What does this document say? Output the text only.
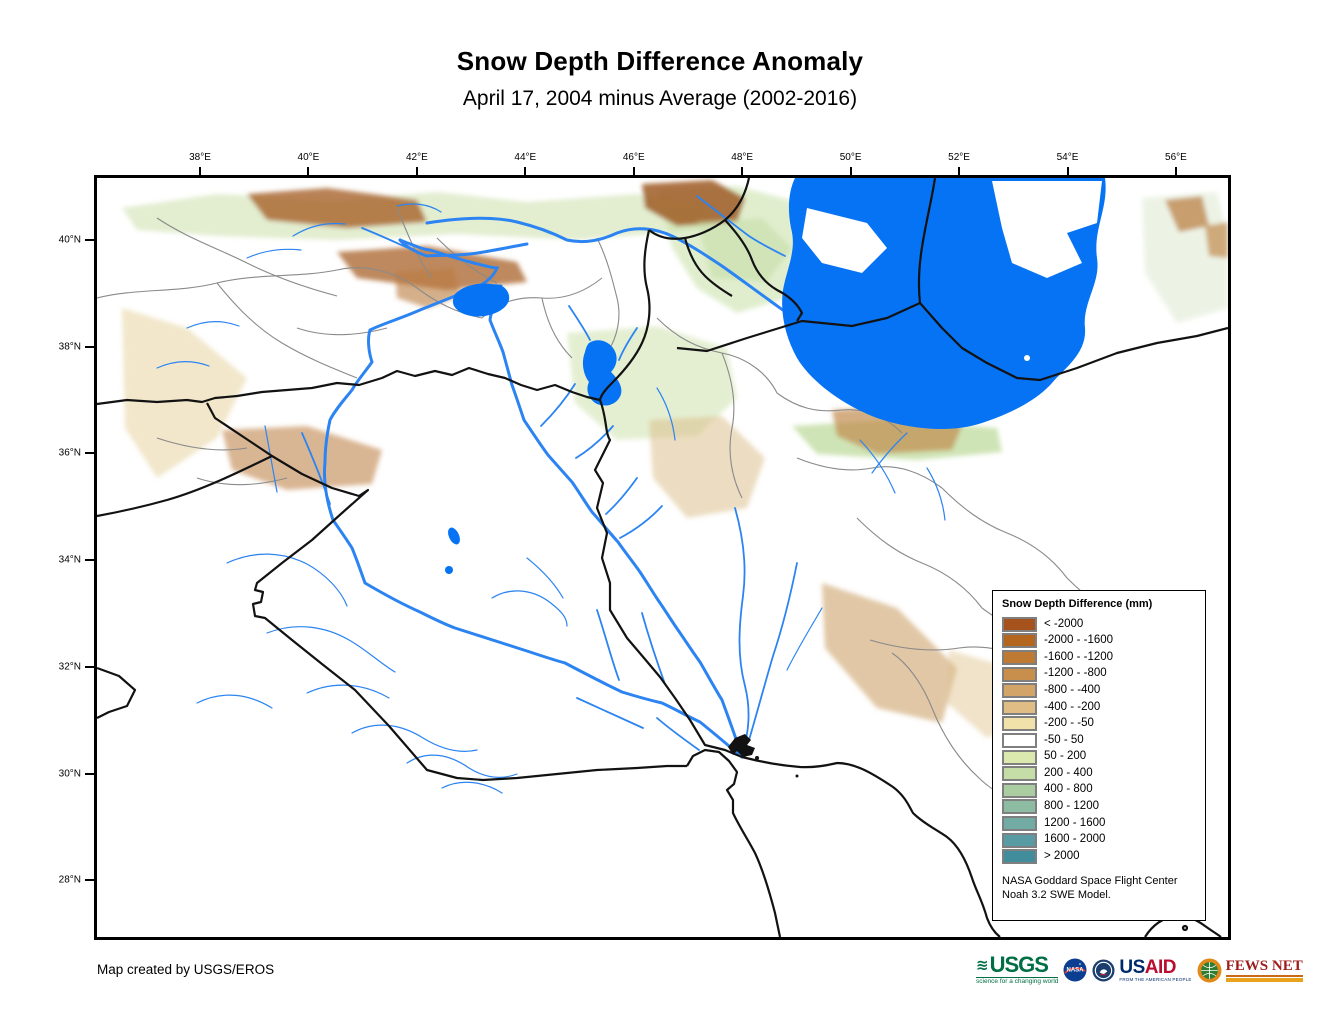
Snow Depth Difference Anomaly
April 17, 2004 minus Average (2002-2016)
38°E	40°E	42°E	44°E	46°E	48°E	50°E	52°E	54°E	56°E
40°N
38°N
36°N
34°N
32°N
30°N
28°N
Snow Depth Difference (mm)
< -2000
-2000 - -1600
-1600 - -1200
-1200 - -800
-800 - -400
-400 - -200
-200 - -50
-50 - 50
50 - 200
200 - 400
400 - 800
800 - 1200
1200 - 1600
1600 - 2000
> 2000
NASA Goddard Space Flight Center
Noah 3.2 SWE Model.
Map created by USGS/EROS	≋ USGS
science for a changing world
NASA USAID
FROM THE AMERICAN PEOPLE
FEWS NET
